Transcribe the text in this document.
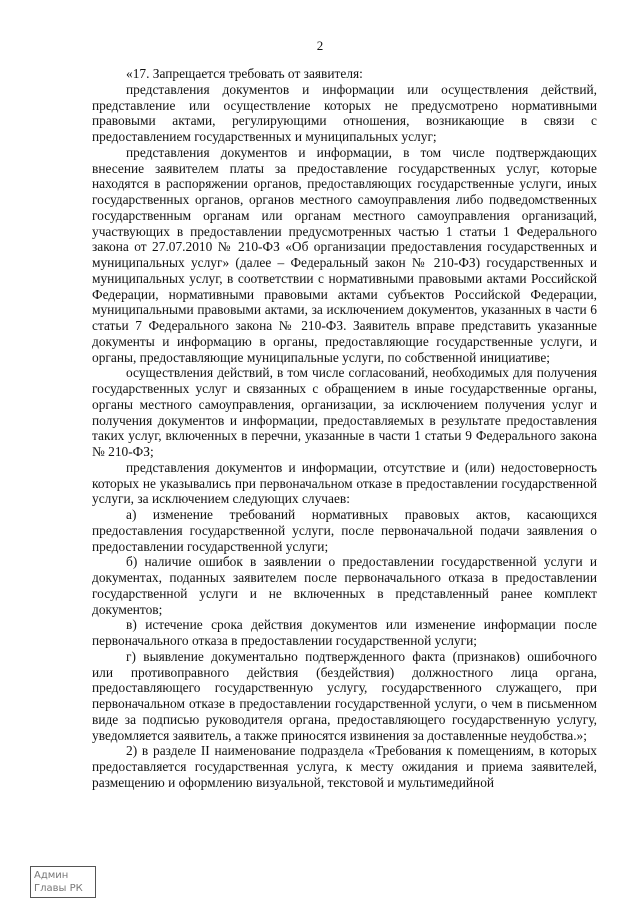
2

«17. Запрещается требовать от заявителя:

представления документов и информации или осуществления действий, представление или осуществление которых не предусмотрено нормативными правовыми актами, регулирующими отношения, возникающие в связи с предоставлением государственных и муниципальных услуг;

представления документов и информации, в том числе подтверждающих внесение заявителем платы за предоставление государственных услуг, которые находятся в распоряжении органов, предоставляющих государственные услуги, иных государственных органов, органов местного самоуправления либо подведомственных государственным органам или органам местного самоуправления организаций, участвующих в предоставлении предусмотренных частью 1 статьи 1 Федерального закона от 27.07.2010 № 210-ФЗ «Об организации предоставления государственных и муниципальных услуг» (далее – Федеральный закон № 210-ФЗ) государственных и муниципальных услуг, в соответствии с нормативными правовыми актами Российской Федерации, нормативными правовыми актами субъектов Российской Федерации, муниципальными правовыми актами, за исключением документов, указанных в части 6 статьи 7 Федерального закона № 210-ФЗ. Заявитель вправе представить указанные документы и информацию в органы, предоставляющие государственные услуги, и органы, предоставляющие муниципальные услуги, по собственной инициативе;

осуществления действий, в том числе согласований, необходимых для получения государственных услуг и связанных с обращением в иные государственные органы, органы местного самоуправления, организации, за исключением получения услуг и получения документов и информации, предоставляемых в результате предоставления таких услуг, включенных в перечни, указанные в части 1 статьи 9 Федерального закона № 210-ФЗ;

представления документов и информации, отсутствие и (или) недостоверность которых не указывались при первоначальном отказе в предоставлении государственной услуги, за исключением следующих случаев:

а) изменение требований нормативных правовых актов, касающихся предоставления государственной услуги, после первоначальной подачи заявления о предоставлении государственной услуги;

б) наличие ошибок в заявлении о предоставлении государственной услуги и документах, поданных заявителем после первоначального отказа в предоставлении государственной услуги и не включенных в представленный ранее комплект документов;

в) истечение срока действия документов или изменение информации после первоначального отказа в предоставлении государственной услуги;

г) выявление документально подтвержденного факта (признаков) ошибочного или противоправного действия (бездействия) должностного лица органа, предоставляющего государственную услугу, государственного служащего, при первоначальном отказе в предоставлении государственной услуги, о чем в письменном виде за подписью руководителя органа, предоставляющего государственную услугу, уведомляется заявитель, а также приносятся извинения за доставленные неудобства.»;

2) в разделе II наименование подраздела «Требования к помещениям, в которых предоставляется государственная услуга, к месту ожидания и приема заявителей, размещению и оформлению визуальной, текстовой и мультимедийной

Админ
Главы РК
